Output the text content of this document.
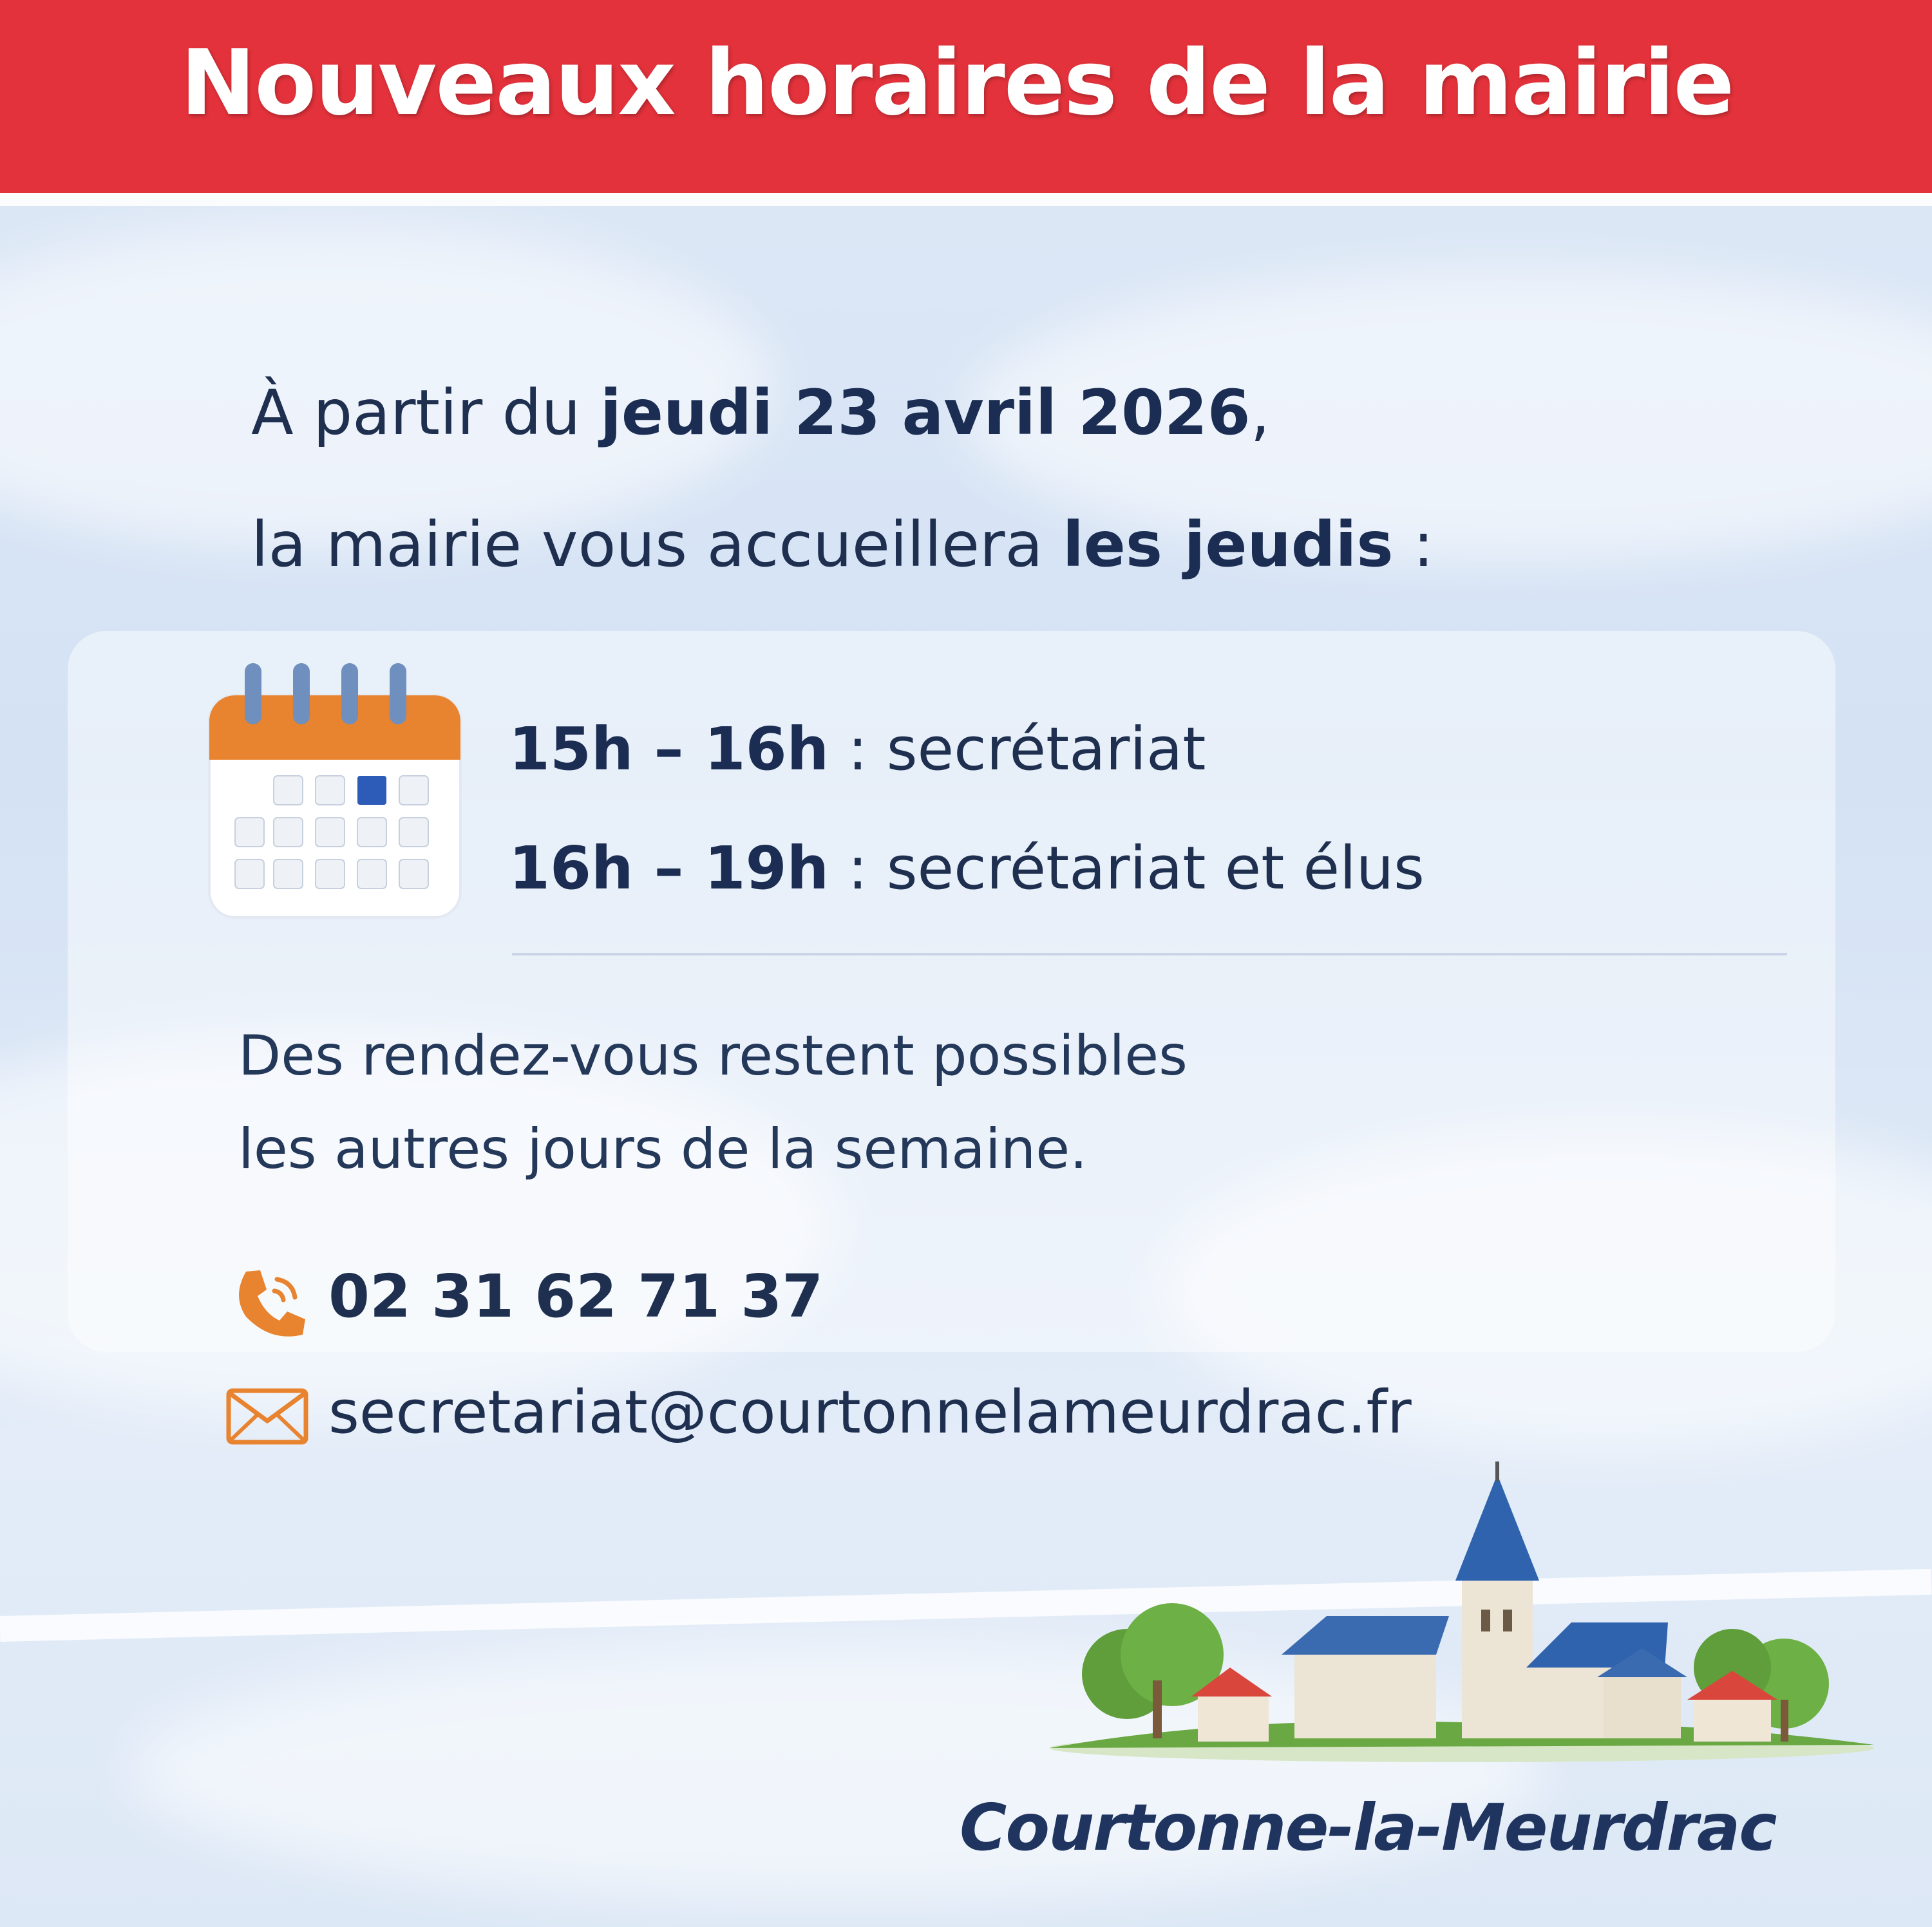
Nouveaux horaires de la mairie
À partir du jeudi 23 avril 2026,
la mairie vous accueillera les jeudis :
15h – 16h : secrétariat
16h – 19h : secrétariat et élus
Des rendez-vous restent possibles
les autres jours de la semaine.
02 31 62 71 37
secretariat@courtonnelameurdrac.fr
Courtonne-la-Meurdrac
